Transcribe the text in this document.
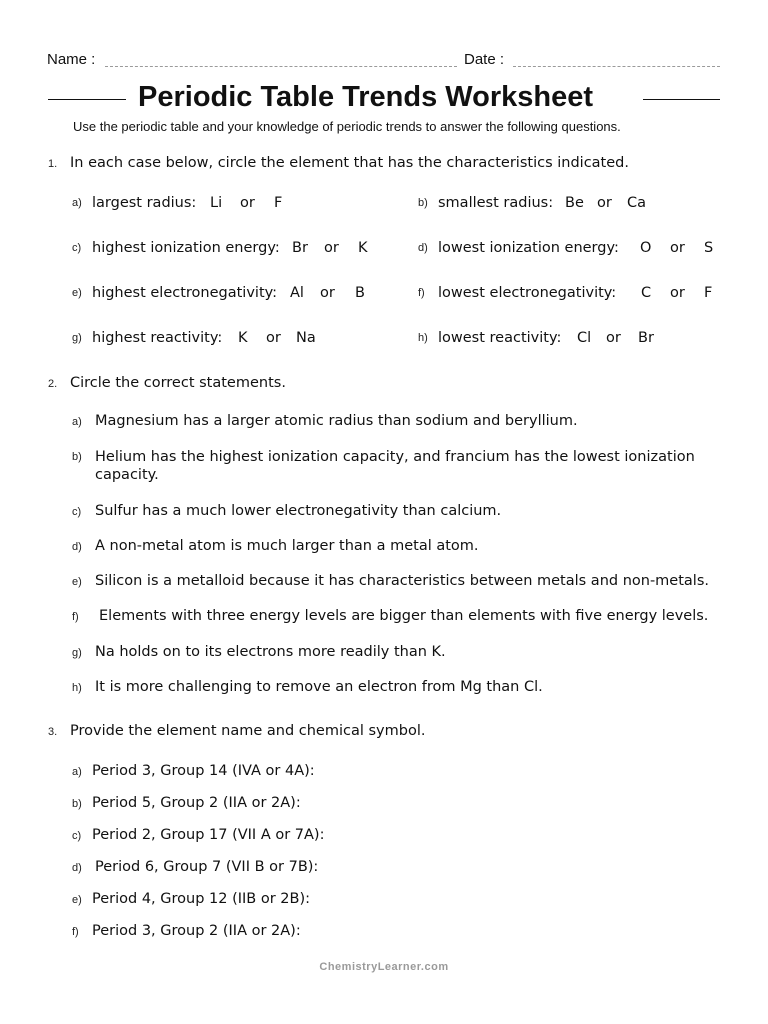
Name :	Date :
Periodic Table Trends Worksheet
Use the periodic table and your knowledge of periodic trends to answer the following questions.
1. In each case below, circle the element that has the characteristics indicated.
a) largest radius: Li or F	b) smallest radius: Be or Ca
c) highest ionization energy: Br or K	d) lowest ionization energy: O or S
e) highest electronegativity: Al or B	f) lowest electronegativity: C or F
g) highest reactivity: K or Na	h) lowest reactivity: Cl or Br
2. Circle the correct statements.
a) Magnesium has a larger atomic radius than sodium and beryllium.
b) Helium has the highest ionization capacity, and francium has the lowest ionization
capacity.
c) Sulfur has a much lower electronegativity than calcium.
d) A non-metal atom is much larger than a metal atom.
e) Silicon is a metalloid because it has characteristics between metals and non-metals.
f) Elements with three energy levels are bigger than elements with five energy levels.
g) Na holds on to its electrons more readily than K.
h) It is more challenging to remove an electron from Mg than Cl.
3. Provide the element name and chemical symbol.
a) Period 3, Group 14 (IVA or 4A):
b) Period 5, Group 2 (IIA or 2A):
c) Period 2, Group 17 (VII A or 7A):
d) Period 6, Group 7 (VII B or 7B):
e) Period 4, Group 12 (IIB or 2B):
f) Period 3, Group 2 (IIA or 2A):
ChemistryLearner.com
